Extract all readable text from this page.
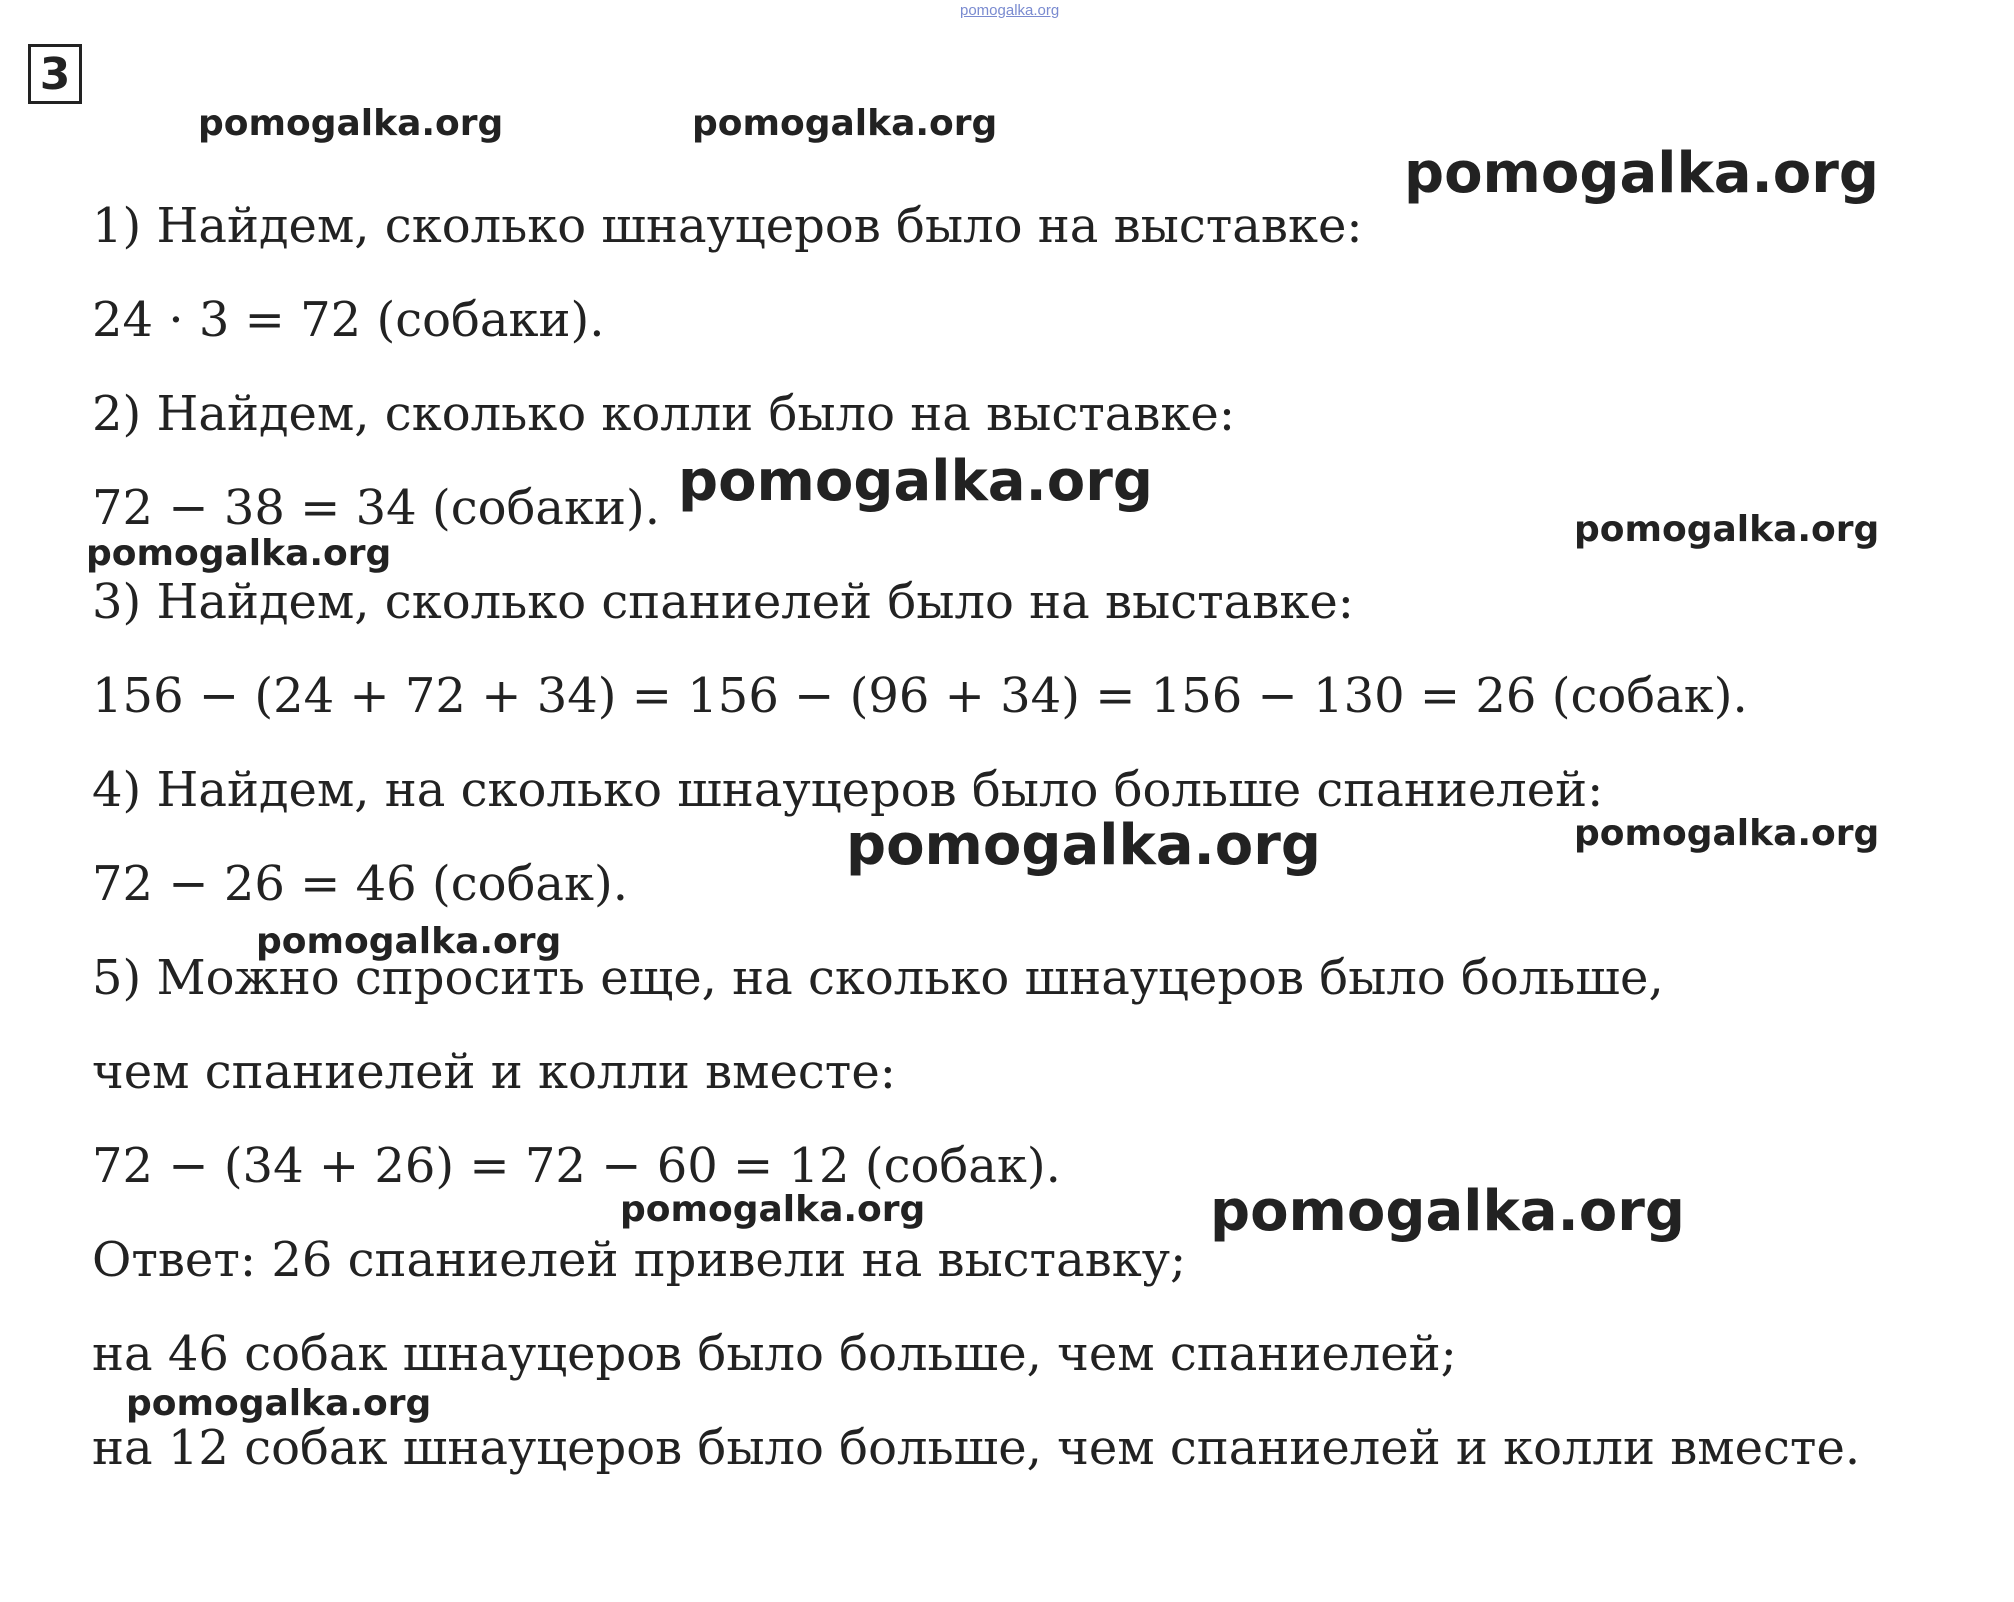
pomogalka.org
3
1) Найдем, сколько шнауцеров было на выставке:
24 · 3 = 72 (собаки).
2) Найдем, сколько колли было на выставке:
72 − 38 = 34 (собаки).
3) Найдем, сколько спаниелей было на выставке:
156 − (24 + 72 + 34) = 156 − (96 + 34) = 156 − 130 = 26 (собак).
4) Найдем, на сколько шнауцеров было больше спаниелей:
72 − 26 = 46 (собак).
5) Можно спросить еще, на сколько шнауцеров было больше,
чем спаниелей и колли вместе:
72 − (34 + 26) = 72 − 60 = 12 (собак).
Ответ: 26 спаниелей привели на выставку;
на 46 собак шнауцеров было больше, чем спаниелей;
на 12 собак шнауцеров было больше, чем спаниелей и колли вместе.
pomogalka.org	pomogalka.org
pomogalka.org
pomogalka.org
pomogalka.org
pomogalka.org
pomogalka.org	pomogalka.org
pomogalka.org
pomogalka.org	pomogalka.org
pomogalka.org
